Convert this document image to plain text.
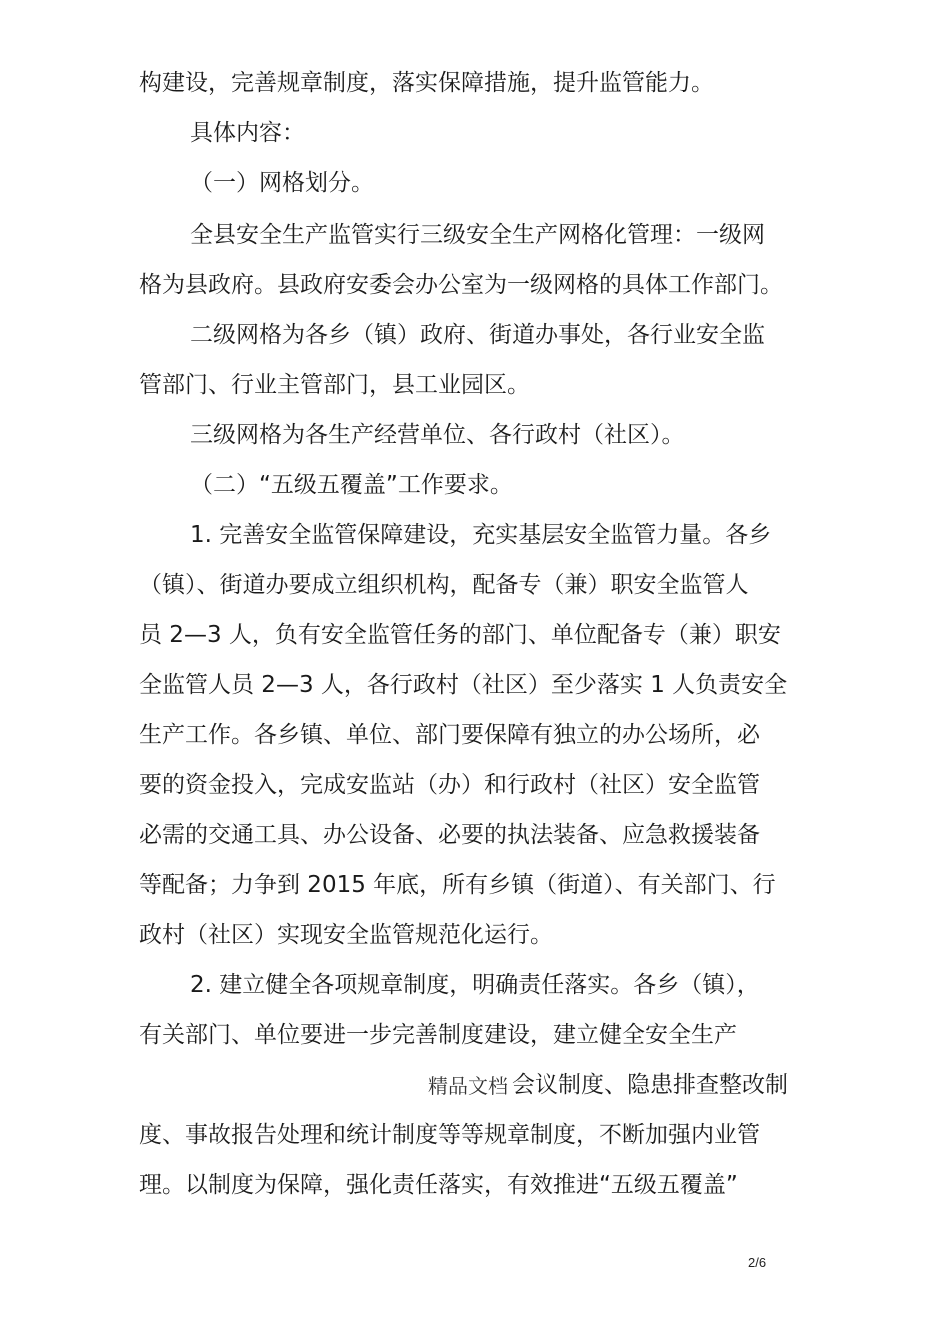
构建设，完善规章制度，落实保障措施，提升监管能力。
具体内容：
（一）网格划分。
全县安全生产监管实行三级安全生产网格化管理：一级网
格为县政府。县政府安委会办公室为一级网格的具体工作部门。
二级网格为各乡（镇）政府、街道办事处，各行业安全监
管部门、行业主管部门，县工业园区。
三级网格为各生产经营单位、各行政村（社区）。
（二）“五级五覆盖”工作要求。
1. 完善安全监管保障建设，充实基层安全监管力量。各乡
（镇）、街道办要成立组织机构，配备专（兼）职安全监管人
员 2—3 人，负有安全监管任务的部门、单位配备专（兼）职安
全监管人员 2—3 人，各行政村（社区）至少落实 1 人负责安全
生产工作。各乡镇、单位、部门要保障有独立的办公场所，必
要的资金投入，完成安监站（办）和行政村（社区）安全监管
必需的交通工具、办公设备、必要的执法装备、应急救援装备
等配备；力争到 2015 年底，所有乡镇（街道）、有关部门、行
政村（社区）实现安全监管规范化运行。
2. 建立健全各项规章制度，明确责任落实。各乡（镇），
有关部门、单位要进一步完善制度建设，建立健全安全生产
精品文档 会议制度、隐患排查整改制
度、事故报告处理和统计制度等等规章制度，不断加强内业管
理。以制度为保障，强化责任落实，有效推进“五级五覆盖”
2/6
